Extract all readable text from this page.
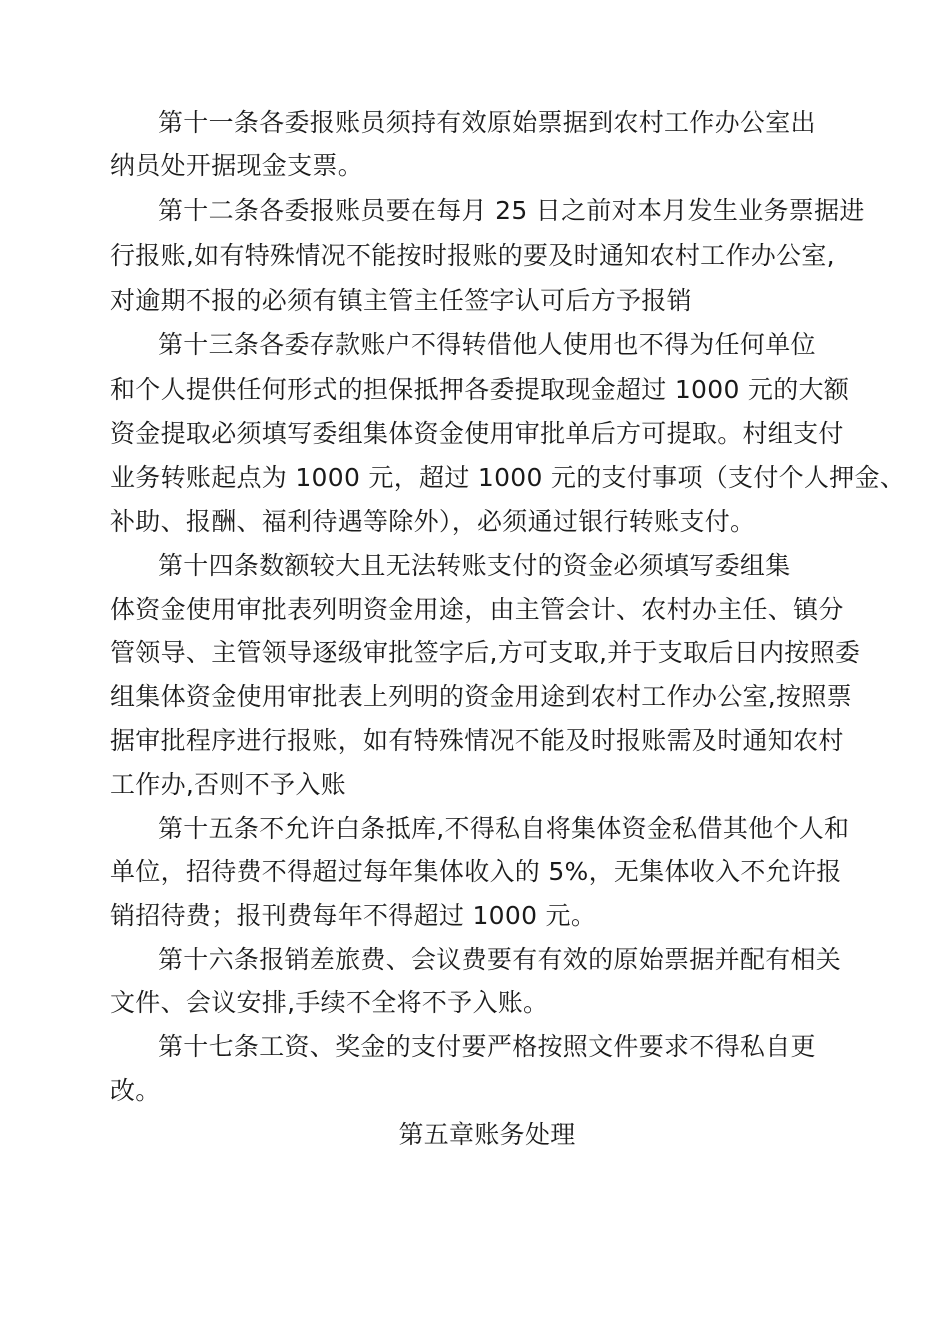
第十一条各委报账员须持有效原始票据到农村工作办公室出
纳员处开据现金支票。
第十二条各委报账员要在每月 25 日之前对本月发生业务票据进
行报账,如有特殊情况不能按时报账的要及时通知农村工作办公室,
对逾期不报的必须有镇主管主任签字认可后方予报销
第十三条各委存款账户不得转借他人使用也不得为任何单位
和个人提供任何形式的担保抵押各委提取现金超过 1000 元的大额
资金提取必须填写委组集体资金使用审批单后方可提取。村组支付
业务转账起点为 1000 元，超过 1000 元的支付事项（支付个人押金、
补助、报酬、福利待遇等除外），必须通过银行转账支付。
第十四条数额较大且无法转账支付的资金必须填写委组集
体资金使用审批表列明资金用途，由主管会计、农村办主任、镇分
管领导、主管领导逐级审批签字后,方可支取,并于支取后日内按照委
组集体资金使用审批表上列明的资金用途到农村工作办公室,按照票
据审批程序进行报账，如有特殊情况不能及时报账需及时通知农村
工作办,否则不予入账
第十五条不允许白条抵库,不得私自将集体资金私借其他个人和
单位，招待费不得超过每年集体收入的 5%，无集体收入不允许报
销招待费；报刊费每年不得超过 1000 元。
第十六条报销差旅费、会议费要有有效的原始票据并配有相关
文件、会议安排,手续不全将不予入账。
第十七条工资、奖金的支付要严格按照文件要求不得私自更
改。
第五章账务处理
